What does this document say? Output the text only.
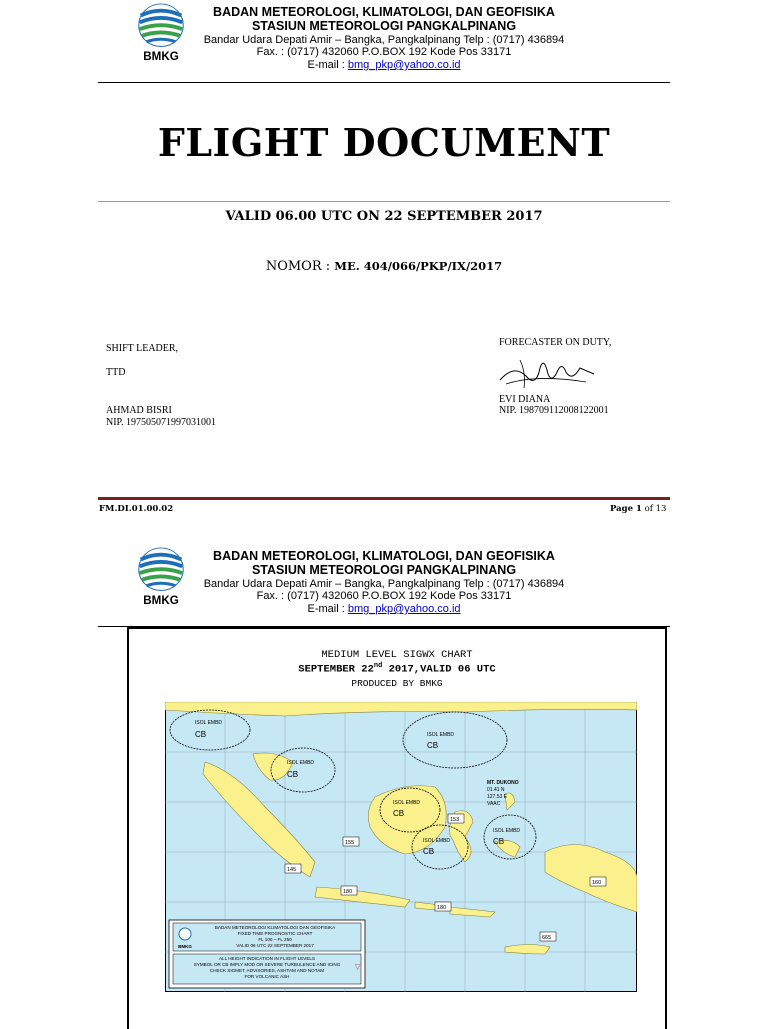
BMKG
BADAN METEOROLOGI, KLIMATOLOGI, DAN GEOFISIKA
STASIUN METEOROLOGI PANGKALPINANG
Bandar Udara Depati Amir – Bangka, Pangkalpinang Telp : (0717) 436894
Fax. : (0717) 432060 P.O.BOX 192 Kode Pos 33171
E-mail : bmg_pkp@yahoo.co.id
FLIGHT DOCUMENT
VALID 06.00 UTC ON 22 SEPTEMBER 2017
NOMOR : ME. 404/066/PKP/IX/2017
SHIFT LEADER,
TTD
AHMAD BISRI
NIP. 197505071997031001
FORECASTER ON DUTY,
EVI DIANA
NIP. 198709112008122001
FM.DI.01.00.02	Page 1 of 13
BMKG
BADAN METEOROLOGI, KLIMATOLOGI, DAN GEOFISIKA
STASIUN METEOROLOGI PANGKALPINANG
Bandar Udara Depati Amir – Bangka, Pangkalpinang Telp : (0717) 436894
Fax. : (0717) 432060 P.O.BOX 192 Kode Pos 33171
E-mail : bmg_pkp@yahoo.co.id
MEDIUM LEVEL SIGWX CHART
SEPTEMBER 22nd 2017,VALID 06 UTC
PRODUCED BY BMKG
ISOL EMBD
CB
ISOL EMBD
CB
ISOL EMBD
CB
ISOL EMBD
CB
ISOL EMBD
CB
ISOL EMBD
CB
MT. DUKONO
01.41 N
127.53 E
VAAC
155
145
180
180
153
160
665
BADAN METEOROLOGI KLIMATOLOGI DAN GEOFISIKA
FIXED TIME PROGNOSTIC CHART
FL 100 – FL 250
VALID 06 UTC 22 SEPTEMBER 2017
ALL HEIGHT INDICATION IN FLIGHT LEVELS
SYMBOL OR CB IMPLY MOD OR SEVERE TURBULENCE AND ICING
CHECK SIGMET, ADVISORIES, ASHTAM AND NOTAM
FOR VOLCANIC ASH
BMKG
▽
